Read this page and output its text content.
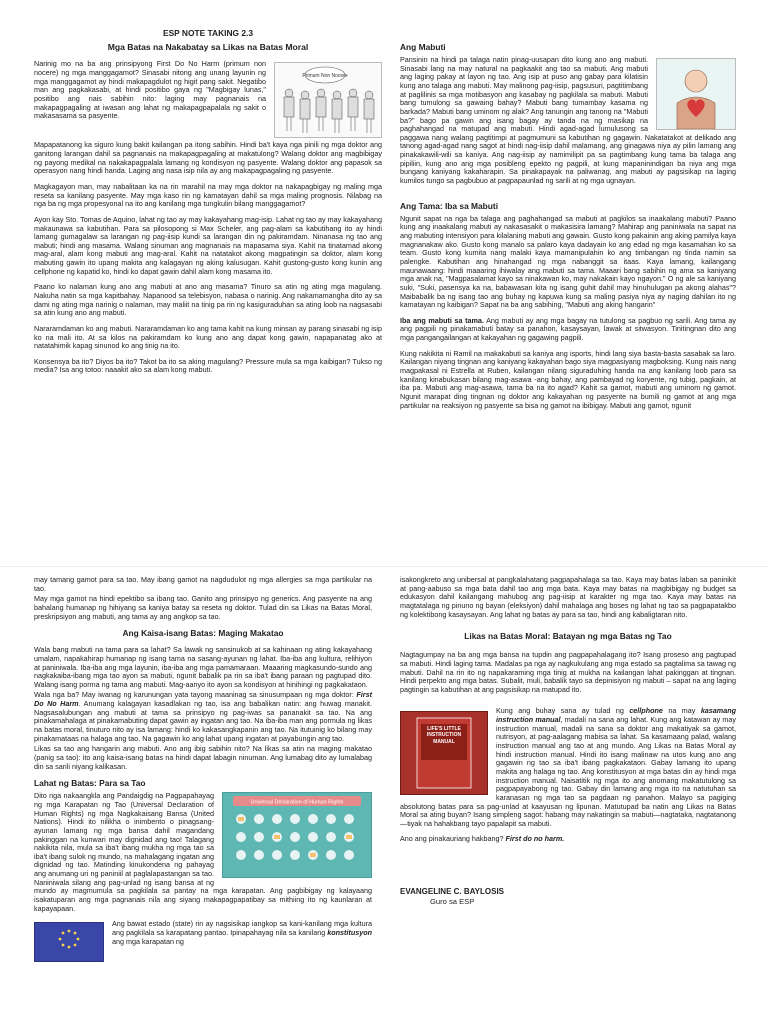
ESP NOTE TAKING 2.3
Mga Batas na Nakabatay sa Likas na Batas Moral
Primum Non Nocere

Narinig mo na ba ang prinsipyong First Do No Harm (primum non nocere) ng mga manggagamot? Sinasabi nitong ang unang layunin ng mga manggagamot ay hindi makapagdulot ng higit pang sakit. Negatibo man ang pagkakasabi, at hindi positibo gaya ng "Magbigay lunas," positibo ang nais sabihin nito: laging may pagnanais na makapagpagaling at iwasan ang lahat ng makapagpapalala ng sakit o makasasama sa pasyente.

Mapapatanong ka siguro kung bakit kailangan pa itong sabihin. Hindi ba't kaya nga pinili ng mga doktor ang ganitong larangan dahil sa pagnanais na makapagpagaling at makatulong? Walang doktor ang magbibigay ng payong medikal na nakakapagpalala lamang ng kondisyon ng pasyente. Walang doktor ang papasok sa operasyon nang hindi handa. Laging ang nasa isip nila ay ang makapagpagaling ng pasyente.

Magkagayon man, may nabalitaan ka na rin marahil na may mga doktor na nakapagbigay ng maling mga reseta sa kanilang pasyente. May mga kaso rin ng kamatayan dahil sa mga maling prognosis. Nilabag na nga ba ng mga propesyonal na ito ang kanilang mga tungkulin bilang manggagamot?

Ayon kay Sto. Tomas de Aquino, lahat ng tao ay may kakayahang mag-isip. Lahat ng tao ay may kakayahang makaunawa sa kabutihan. Para sa pilosopong si Max Scheler, ang pag-alam sa kabutihang ito ay hindi lamang gumagalaw sa larangan ng pag-iisip kundi sa larangan din ng pakiramdam. Ninanasa ng tao ang mabuti; hindi ang masama. Walang sinuman ang magnanais na mapasama siya. Kahit na tinatamad akong mag-aral, alam kong mabuti ang mag-aral. Kahit na natatakot akong magpatingin sa doktor, alam kong mabuting gawin ito upang makita ang kalagayan ng aking kalusugan. Kahit gustong-gusto kong kunin ang cellphone ng kapatid ko, hindi ko dapat gawin dahil alam kong masama ito.

Paano ko nalaman kung ano ang mabuti at ano ang masama? Tinuro sa atin ng ating mga magulang. Nakuha natin sa mga kapitbahay. Napanood sa telebisyon, nabasa o narinig. Ang nakamamangha dito ay sa dami ng ating mga narinig o nalaman, may maliit na tinig pa rin ng kasiguraduhan sa ating loob na nagsasabi sa atin kung ano ang mabuti.

Nararamdaman ko ang mabuti. Nararamdaman ko ang tama kahit na kung minsan ay parang sinasabi ng isip ko na mali ito. At sa kilos na pakiramdam ko kung ano ang dapat kong gawin, napapanatag ako at natatahimik kapag sinunod ko ang tinig na ito.

Konsensya ba ito? Diyos ba ito? Takot ba ito sa aking magulang? Pressure mula sa mga kaibigan? Tukso ng media? Isa ang totoo: naaakit ako sa alam kong mabuti.

Ang Mabuti

Pansinin na hindi pa talaga natin pinag-uusapan dito kung ano ang mabuti. Sinasabi lang na may natural na pagkaakit ang tao sa mabuti. Ang mabuti ang laging pakay at layon ng tao. Ang isip at puso ang gabay para kilatisin kung ano talaga ang mabuti. May malinong pag-iisip, pagsusuri, pagtitimbang at paglilinis sa mga motibasyon ang kasabay ng pagkilala sa mabuti. Mabuti bang tumulong sa gawaing bahay? Mabuti bang tumambay kasama ng barkada? Mabuti bang uminom ng alak? Ang tanungin ang tanong na "Mabuti ba?" bago pa gawin ang isang bagay ay tanda na ng masikap na paghahangad na matupad ang mabuti. Hindi agad-agad lumulusong sa paggawa nang walang pagtitimpi at pagmumuni sa kabutihan ng gagawin. Nakatatakot at delikado ang tanong agad-agad nang sagot at hindi nag-iisip dahil malamang, ang ginagawa niya ay pilin lamang ang pinakakawili-wili sa kaniya. Ang nag-iisip ay namimilipit pa sa pagtimbang kung tama ba talaga ang pipiliin, kung ano ang mga posibleng epekto ng pagpili, at kung mapaninindigan ba niya ang mga bungang kaniyang kakaharapin. Sa pinakapayak na paliwanag, ang mabuti ay pagsisikap na laging kumilos tungo sa pagbubuo at pagpapaunlad ng sarili at ng mga ugnayan.

Ang Tama: Iba sa Mabuti

Ngunit sapat na nga ba talaga ang paghahangad sa mabuti at pagkilos sa inaakalang mabuti? Paano kung ang inaakalang mabuti ay nakasasakit o makasisira lamang? Mahirap ang paniniwala na sapat na ang mabuting intensiyon para kilalaning mabuti ang gawain. Gusto kong pakainin ang aking pamilya kaya magnanakaw ako. Gusto kong manalo sa palaro kaya dadayain ko ang edad ng mga kasamahan ko sa team. Gusto kong kumita nang malaki kaya mamanipulahin ko ang timbangan ng tinda namin sa palengke. Kabutihan ang hinahangad ng mga nabanggit sa itaas. Kaya lamang, kailangang maunawaang: hindi maaaring ihiwalay ang mabuti sa tama. Maaari bang sabihin ng ama sa kaniyang mga anak na, "Magpasalamat kayo sa ninakawan ko, may nakakain kayo ngayon." O ng ale sa kaniyang suki, "Suki, pasensya ka na, babawasan kita ng isang guhit dahil may hinuhulugan pa akong alahas"? Maibabalik ba ng isang tao ang buhay ng kapuwa kung sa maling pasiya niya ay naging dahilan ito ng kamatayan ng kaibigan? Sapat na ba ang sabihing, "Mabuti ang aking hangarin"

Iba ang mabuti sa tama. Ang mabuti ay ang mga bagay na tutulong sa pagbuo ng sarili. Ang tama ay ang pagpili ng pinakamabuti batay sa panahon, kasaysayan, lawak at sitwasyon. Tinitingnan dito ang mga pangangailangan at kakayahan ng gagawing pagpili.

Kung nakikita ni Ramil na makakabuti sa kaniya ang isports, hindi lang siya basta-basta sasabak sa laro. Kailangan niyang tingnan ang kaniyang kakayahan bago siya magpasiyang magboksing. Kung nais nang magpakasal ni Estrella at Ruben, kailangan nilang siguraduhing handa na ang kanilang loob para sa kanilang kinabukasan bilang mag-asawa -ang bahay, ang pambayad ng koryente, ng tubig, pagkain, at iba pa. Mabuti ang mag-asawa, tama ba na ito agad? Kahit sa gamot, mabuti ang uminom ng gamot. Ngunit marapat ding tingnan ng doktor ang kakayahan ng pasyente na bumili ng gamot at ang mga partikular na reaksiyon ng pasyente sa bisa ng gamot na ibibigay. Mabuti ang gamot, ngunit

may tamang gamot para sa tao. May ibang gamot na nagdudulot ng mga allergies sa mga partikular na tao.

May mga gamot na hindi epektibo sa ibang tao. Ganito ang prinsipyo ng generics. Ang pasyente na ang bahalang humanap ng hihiyang sa kaniya batay sa reseta ng doktor. Tulad din sa Likas na Batas Moral, preskripsiyon ang mabuti, ang tama ay ang angkop sa tao.

Ang Kaisa-isang Batas: Maging Makatao

Wala bang mabuti na tama para sa lahat? Sa lawak ng sansinukob at sa kahinaan ng ating kakayahang umalam, napakahirap humanap ng isang tama na sasang-ayunan ng lahat. Iba-iba ang kultura, relihiyon at paniniwala. Iba-iba ang mga layunin, iba-iba ang mga pamamaraan. Maaaring magkasundo-sundo ang nagkakaiba-ibang mga tao ayon sa mabuti, ngunit babalik pa rin sa iba't ibang paraan ng pagtupad dito. Walang isang porma ng tama ang mabuti. Mag-aanyo ito ayon sa kondisyon at hinihingi ng pagkakataon.

Wala nga ba? May iwanag ng karunungan yata tayong maaninag sa sinusumpaan ng mga doktor: First Do No Harm. Anumang kalagayan kasadlakan ng tao, isa ang babalikan natin: ang huwag manakit. Nagsasalubungan ang mabuti at tama sa prinsipyo ng pag-iwas sa pananakit sa tao. Na ang pinakamahalaga at pinakamabuting dapat gawin ay ingatan ang tao. Na iba-iba man ang pormula ng likas na batas moral, tinuturo nito ay isa lamang: hindi ko kakasangkapanin ang tao. Na itutuinig ko bilang may pinakamataas na halaga ang tao. Na gagawin ko ang lahat upang ingatan at payabungin ang tao.

Likas sa tao ang hangarin ang mabuti. Ano ang ibig sabihin nito? Na likas sa atin na maging makatao (panig sa tao): ito ang kaisa-isang batas na hindi dapat labagin ninuman. Ang lumabag dito ay lumalabag din sa sarili niyang kalikasan.

Lahat ng Batas: Para sa Tao
Universal Declaration of Human Rights

Dito nga nakaangkla ang Pandaigdig na Pagpapahayag ng mga Karapatan ng Tao (Universal Declaration of Human Rights) ng mga Nagkakaisang Bansa (United Nations). Hindi ito nilikha o inimbento o pinagsang-ayunan lamang ng mga bansa dahil magandang pakinggan na kunwari may dignidad ang tao! Talagang nakikita nila, mula sa iba't ibang mukha ng mga tao sa iba't ibang sulok ng mundo, na mahalagang ingatan ang dignidad ng tao. Matinding kinukondena ng pahayag ang anumang uri ng paniniil at paglalapastangan sa tao. Naniniwala silang ang pag-unlad ng isang bansa at ng mundo ay magmumula sa pagkilala sa pantay na mga karapatan. Ang pagbibigay ng kalayaang isakatuparan ang mga pagnanais nila ang siyang makapagpapatibay sa mithiing ito ng kaunlaran at kapayapaan.

Ang bawat estado (state) rin ay nagsisikap iangkop sa kani-kanilang mga kultura ang pagkilala sa karapatang pantao. Ipinapahayag nila sa kanilang konstitusyon ang mga karapatan ng

isakongkreto ang unibersal at pangkalahatang pagpapahalaga sa tao. Kaya may batas laban sa paninikit at pang-aabuso sa mga bata dahil tao ang mga bata. Kaya may batas na magbibigay ng budget sa edukasyon dahil kailangang mahubog ang pag-iisip at karakter ng mga tao. Kaya may batas na magtatalaga ng pinuno ng bayan (eleksiyon) dahil mahalaga ang boses ng lahat ng tao sa pagpapatakbo ng kolektibong kasaysayan. Ang lahat ng batas ay para sa tao, hindi ang kabaligtaran nito.

Likas na Batas Moral: Batayan ng mga Batas ng Tao

Nagtagumpay na ba ang mga bansa na tupdin ang pagpapahalagang ito? Isang proseso ang pagtupad sa mabuti. Hindi laging tama. Madalas pa nga ay nagkukulang ang mga estado sa pagtalima sa tawag ng mabuti. Dahil na rin ito ng napakaraming mga tinig at mukha na kailangan lahat pakinggan at tingnan. Hindi perpekto ang mga batas. Subalit, muli, babalik tayo sa depinisiyon ng mabuti – sapat na ang laging pagtingin sa kabutihan at ang pagsisikap na matupad ito.

LIFE'S LITTLE INSTRUCTION MANUAL

Kung ang buhay sana ay tulad ng cellphone na may kasamang instruction manual, madali na sana ang lahat. Kung ang katawan ay may instruction manual, madali na sana sa doktor ang makatiyak sa gamot, nutrisyon, at pag-aalagang mabisa sa lahat. Sa kasamaang palad, walang instruction manual ang tao at ang mundo. Ang Likas na Batas Moral ay hindi instruction manual. Hindi ito isang malinaw na utos kung ano ang gagawin ng tao sa iba't ibang pagkakataon. Gabay lamang ito upang makita ang halaga ng tao. Ang konstitusyon at mga batas din ay hindi mga instruction manual. Naisatitik ng mga ito ang anomang makatutulong sa pagpapayabong ng tao. Gabay din lamang ang mga ito na natutuhan sa karanasan ng mga tao sa pagdaan ng panahon. Malayo sa pagiging absolutong batas para sa pag-unlad at kaayusan ng lipunan. Matutupad ba natin ang Likas na Batas Moral sa ating buyan? Isang simpleng sagot: habang may nakatingin sa mabuti—nagtataka, nagtatanong—tiyak na hahakbang tayo papalapit sa mabuti.

Ano ang pinakauriang hakbang? First do no harm.

EVANGELINE C. BAYLOSIS
Guro sa ESP
